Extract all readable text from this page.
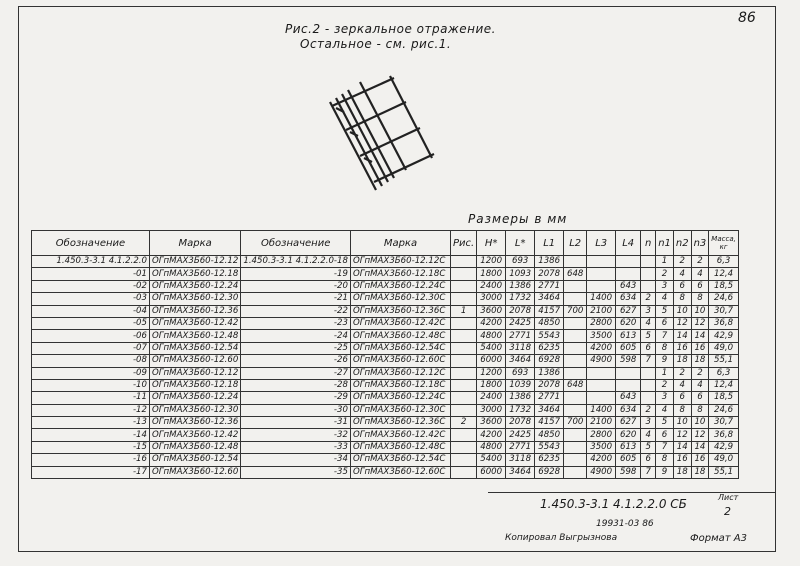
86
Рис.2 - зеркальное отражение.
Остальное - см. рис.1.
Размеры в мм
Обозначение	Марка	Обозначение	Марка	Рис.	H*	L*	L1	L2	L3	L4	n	n1	n2	n3	Масса, кг
1.450.3-3.1 4.1.2.2.0	ОГпМАХ3Б60-12.12	1.450.3-3.1 4.1.2.2.0-18	ОГпМАХ3Б60-12.12С		1200	693	1386					1	2	2	6,3
-01	ОГпМАХ3Б60-12.18	-19	ОГпМАХ3Б60-12.18С		1800	1093	2078	648				2	4	4	12,4
-02	ОГпМАХ3Б60-12.24	-20	ОГпМАХ3Б60-12.24С		2400	1386	2771			643		3	6	6	18,5
-03	ОГпМАХ3Б60-12.30	-21	ОГпМАХ3Б60-12.30С		3000	1732	3464		1400	634	2	4	8	8	24,6
-04	ОГпМАХ3Б60-12.36	-22	ОГпМАХ3Б60-12.36С	1	3600	2078	4157	700	2100	627	3	5	10	10	30,7
-05	ОГпМАХ3Б60-12.42	-23	ОГпМАХ3Б60-12.42С		4200	2425	4850		2800	620	4	6	12	12	36,8
-06	ОГпМАХ3Б60-12.48	-24	ОГпМАХ3Б60-12.48С		4800	2771	5543		3500	613	5	7	14	14	42,9
-07	ОГпМАХ3Б60-12.54	-25	ОГпМАХ3Б60-12.54С		5400	3118	6235		4200	605	6	8	16	16	49,0
-08	ОГпМАХ3Б60-12.60	-26	ОГпМАХ3Б60-12.60С		6000	3464	6928		4900	598	7	9	18	18	55,1
-09	ОГпМАХ3Б60-12.12	-27	ОГпМАХ3Б60-12.12С		1200	693	1386					1	2	2	6,3
-10	ОГпМАХ3Б60-12.18	-28	ОГпМАХ3Б60-12.18С		1800	1039	2078	648				2	4	4	12,4
-11	ОГпМАХ3Б60-12.24	-29	ОГпМАХ3Б60-12.24С		2400	1386	2771			643		3	6	6	18,5
-12	ОГпМАХ3Б60-12.30	-30	ОГпМАХ3Б60-12.30С		3000	1732	3464		1400	634	2	4	8	8	24,6
-13	ОГпМАХ3Б60-12.36	-31	ОГпМАХ3Б60-12.36С	2	3600	2078	4157	700	2100	627	3	5	10	10	30,7
-14	ОГпМАХ3Б60-12.42	-32	ОГпМАХ3Б60-12.42С		4200	2425	4850		2800	620	4	6	12	12	36,8
-15	ОГпМАХ3Б60-12.48	-33	ОГпМАХ3Б60-12.48С		4800	2771	5543		3500	613	5	7	14	14	42,9
-16	ОГпМАХ3Б60-12.54	-34	ОГпМАХ3Б60-12.54С		5400	3118	6235		4200	605	6	8	16	16	49,0
-17	ОГпМАХ3Б60-12.60	-35	ОГпМАХ3Б60-12.60С		6000	3464	6928		4900	598	7	9	18	18	55,1
1.450.3-3.1 4.1.2.2.0 СБ	Лист
2
19931-03 86
Копировал Выгрызнова	Формат А3
